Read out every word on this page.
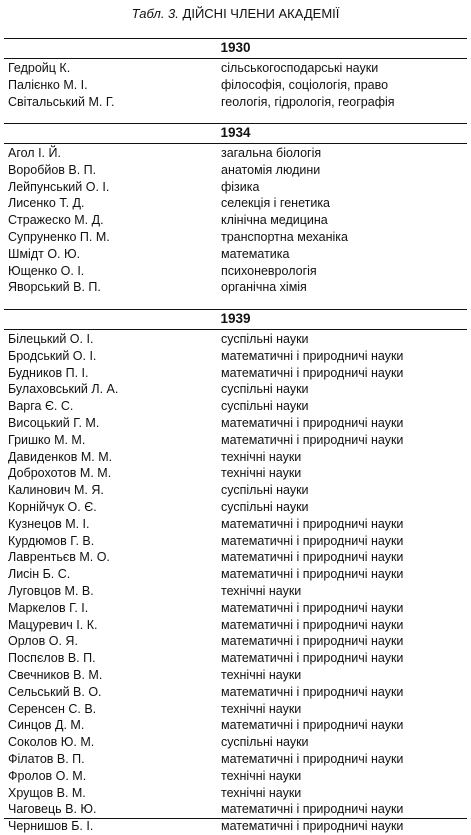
Табл. 3. ДІЙСНІ ЧЛЕНИ АКАДЕМІЇ
1930
Гедройц К.	сільськогосподарські науки
Палієнко М. І.	філософія, соціологія, право
Світальський М. Г.	геологія, гідрологія, географія
1934
Агол І. Й.	загальна біологія
Воробйов В. П.	анатомія людини
Лейпунський О. І.	фізика
Лисенко Т. Д.	селекція і генетика
Стражеско М. Д.	клінічна медицина
Супруненко П. М.	транспортна механіка
Шмідт О. Ю.	математика
Ющенко О. І.	психоневрологія
Яворський В. П.	органічна хімія
1939
Білецький О. І.	суспільні науки
Бродський О. І.	математичні і природничі науки
Будников П. І.	математичні і природничі науки
Булаховський Л. А.	суспільні науки
Варга Є. С.	суспільні науки
Висоцький Г. М.	математичні і природничі науки
Гришко М. М.	математичні і природничі науки
Давиденков М. М.	технічні науки
Доброхотов М. М.	технічні науки
Калинович М. Я.	суспільні науки
Корнійчук О. Є.	суспільні науки
Кузнецов М. І.	математичні і природничі науки
Курдюмов Г. В.	математичні і природничі науки
Лаврентьєв М. О.	математичні і природничі науки
Лисін Б. С.	математичні і природничі науки
Луговцов М. В.	технічні науки
Маркелов Г. І.	математичні і природничі науки
Мацуревич І. К.	математичні і природничі науки
Орлов О. Я.	математичні і природничі науки
Поспєлов В. П.	математичні і природничі науки
Свечников В. М.	технічні науки
Сельський В. О.	математичні і природничі науки
Серенсен С. В.	технічні науки
Синцов Д. М.	математичні і природничі науки
Соколов Ю. М.	суспільні науки
Філатов В. П.	математичні і природничі науки
Фролов О. М.	технічні науки
Хрущов В. М.	технічні науки
Чаговець В. Ю.	математичні і природничі науки
Чернишов Б. І.	математичні і природничі науки
